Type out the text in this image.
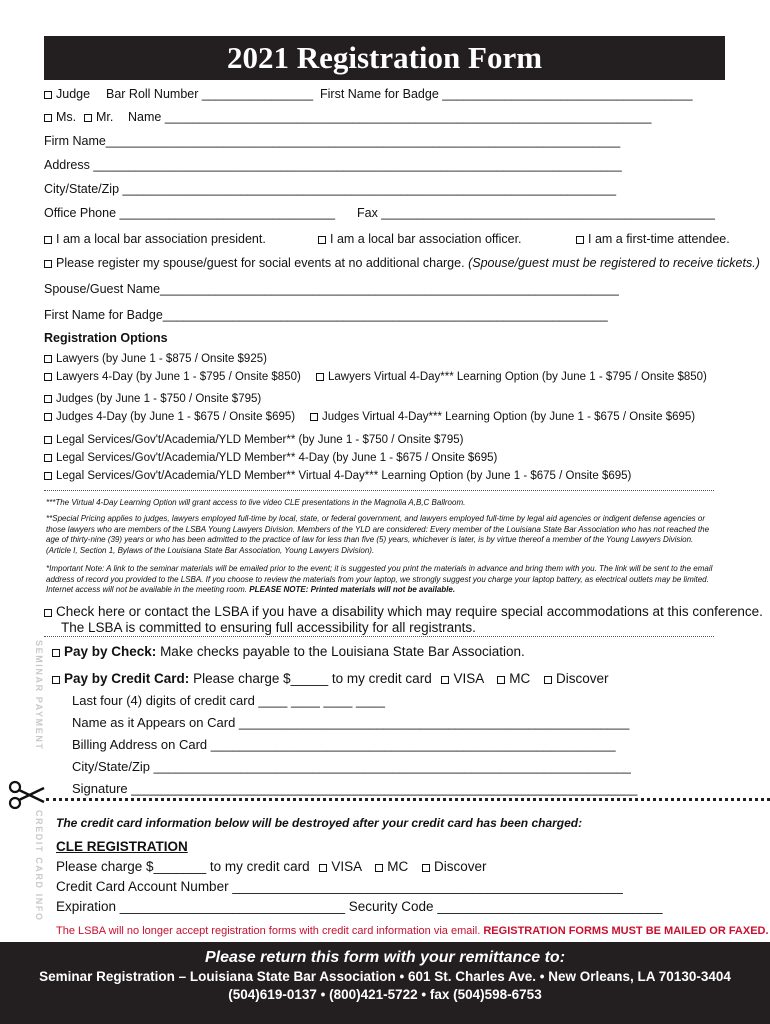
2021 Registration Form
Judge Bar Roll Number ________________ First Name for Badge ____________________________________
Ms.	Mr. Name ______________________________________________________________________
Firm Name__________________________________________________________________________
Address ____________________________________________________________________________
City/State/Zip _______________________________________________________________________
Office Phone _______________________________ Fax ________________________________________________
I am a local bar association president.	I am a local bar association officer.	I am a first-time attendee.
Please register my spouse/guest for social events at no additional charge. (Spouse/guest must be registered to receive tickets.)
Spouse/Guest Name__________________________________________________________________
First Name for Badge________________________________________________________________
Registration Options
Lawyers (by June 1 - $875 / Onsite $925)
Lawyers 4-Day (by June 1 - $795 / Onsite $850)	Lawyers Virtual 4-Day*** Learning Option (by June 1 - $795 / Onsite $850)
Judges (by June 1 - $750 / Onsite $795)
Judges 4-Day (by June 1 - $675 / Onsite $695)	Judges Virtual 4-Day*** Learning Option (by June 1 - $675 / Onsite $695)
Legal Services/Gov't/Academia/YLD Member** (by June 1 - $750 / Onsite $795)
Legal Services/Gov't/Academia/YLD Member** 4-Day (by June 1 - $675 / Onsite $695)
Legal Services/Gov't/Academia/YLD Member** Virtual 4-Day*** Learning Option (by June 1 - $675 / Onsite $695)
***The Virtual 4-Day Learning Option will grant access to live video CLE presentations in the Magnolia A,B,C Ballroom.
**Special Pricing applies to judges, lawyers employed full-time by local, state, or federal government, and lawyers employed full-time by legal aid agencies or indigent defense agencies or those lawyers who are members of the LSBA Young Lawyers Division. Members of the YLD are considered: Every member of the Louisiana State Bar Association who has not reached the age of thirty-nine (39) years or who has been admitted to the practice of law for less than five (5) years, whichever is later, is by virtue thereof a member of the Young Lawyers Division. (Article I, Section 1, Bylaws of the Louisiana State Bar Association, Young Lawyers Division).
*Important Note: A link to the seminar materials will be emailed prior to the event; it is suggested you print the materials in advance and bring them with you. The link will be sent to the email address of record you provided to the LSBA. If you choose to review the materials from your laptop, we strongly suggest you charge your laptop battery, as electrical outlets may be limited. Internet access will not be available in the meeting room. PLEASE NOTE: Printed materials will not be available.
Check here or contact the LSBA if you have a disability which may require special accommodations at this conference.
The LSBA is committed to ensuring full accessibility for all registrants.
SEMINAR PAYMENT	Pay by Check: Make checks payable to the Louisiana State Bar Association.
Pay by Credit Card: Please charge $_____ to my credit card VISA MC Discover
Last four (4) digits of credit card ____ ____ ____ ____
Name as it Appears on Card ______________________________________________________
Billing Address on Card ________________________________________________________
City/State/Zip __________________________________________________________________
Signature ______________________________________________________________________
CREDIT CARD INFO The credit card information below will be destroyed after your credit card has been charged:
CLE REGISTRATION
Please charge $_______ to my credit card VISA MC Discover
Credit Card Account Number ____________________________________________________
Expiration ______________________________ Security Code ______________________________
The LSBA will no longer accept registration forms with credit card information via email. REGISTRATION FORMS MUST BE MAILED OR FAXED.
Please return this form with your remittance to:
Seminar Registration – Louisiana State Bar Association • 601 St. Charles Ave. • New Orleans, LA 70130-3404
(504)619-0137 • (800)421-5722 • fax (504)598-6753
